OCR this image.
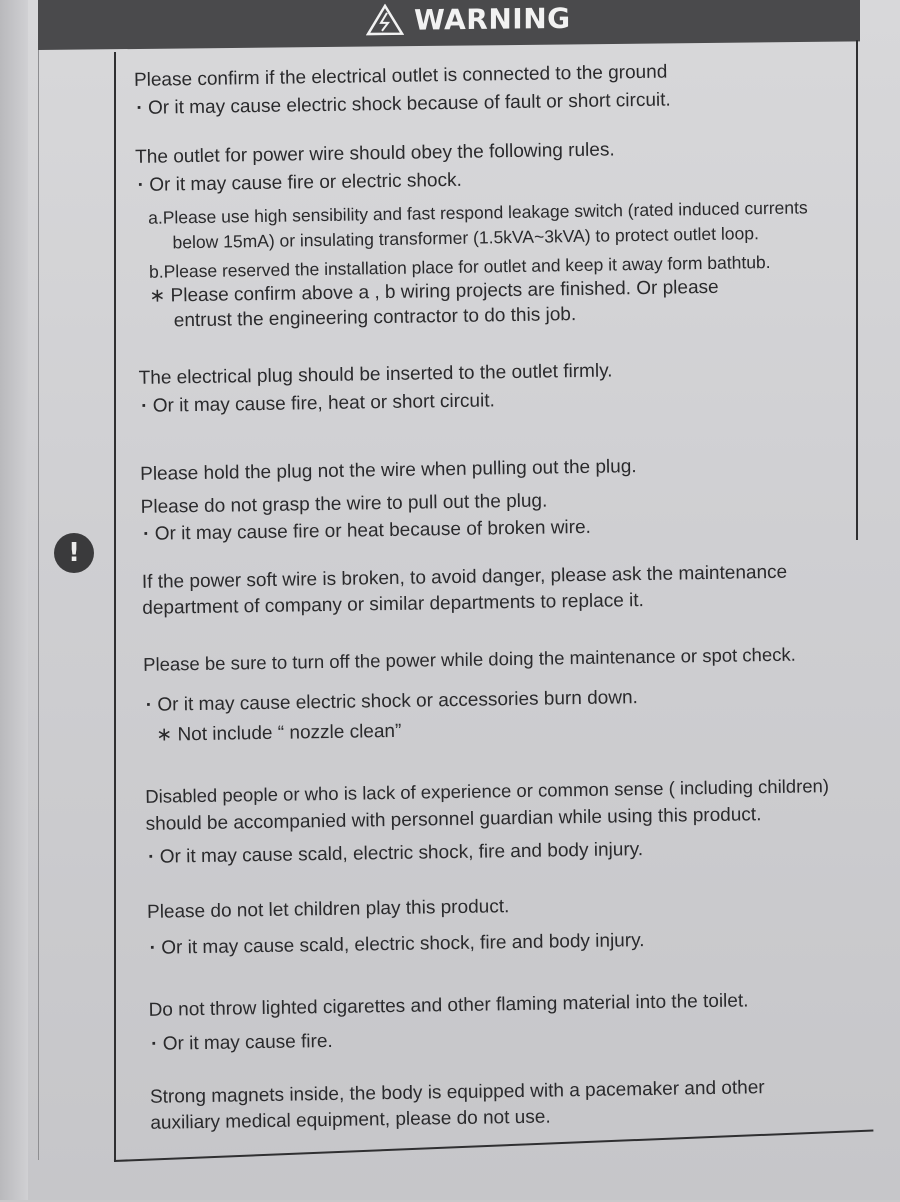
WARNING
!
Please confirm if the electrical outlet is connected to the ground
· Or it may cause electric shock because of fault or short circuit.
The outlet for power wire should obey the following rules.
· Or it may cause fire or electric shock.
a.Please use high sensibility and fast respond leakage switch (rated induced currents
below 15mA) or insulating transformer (1.5kVA~3kVA) to protect outlet loop.
b.Please reserved the installation place for outlet and keep it away form bathtub.
∗ Please confirm above a , b wiring projects are finished. Or please
entrust the engineering contractor to do this job.
The electrical plug should be inserted to the outlet firmly.
· Or it may cause fire, heat or short circuit.
Please hold the plug not the wire when pulling out the plug.
Please do not grasp the wire to pull out the plug.
· Or it may cause fire or heat because of broken wire.
If the power soft wire is broken, to avoid danger, please ask the maintenance
department of company or similar departments to replace it.
Please be sure to turn off the power while doing the maintenance or spot check.
· Or it may cause electric shock or accessories burn down.
∗ Not include “ nozzle clean”
Disabled people or who is lack of experience or common sense ( including children)
should be accompanied with personnel guardian while using this product.
· Or it may cause scald, electric shock, fire and body injury.
Please do not let children play this product.
· Or it may cause scald, electric shock, fire and body injury.
Do not throw lighted cigarettes and other flaming material into the toilet.
· Or it may cause fire.
Strong magnets inside, the body is equipped with a pacemaker and other
auxiliary medical equipment, please do not use.
